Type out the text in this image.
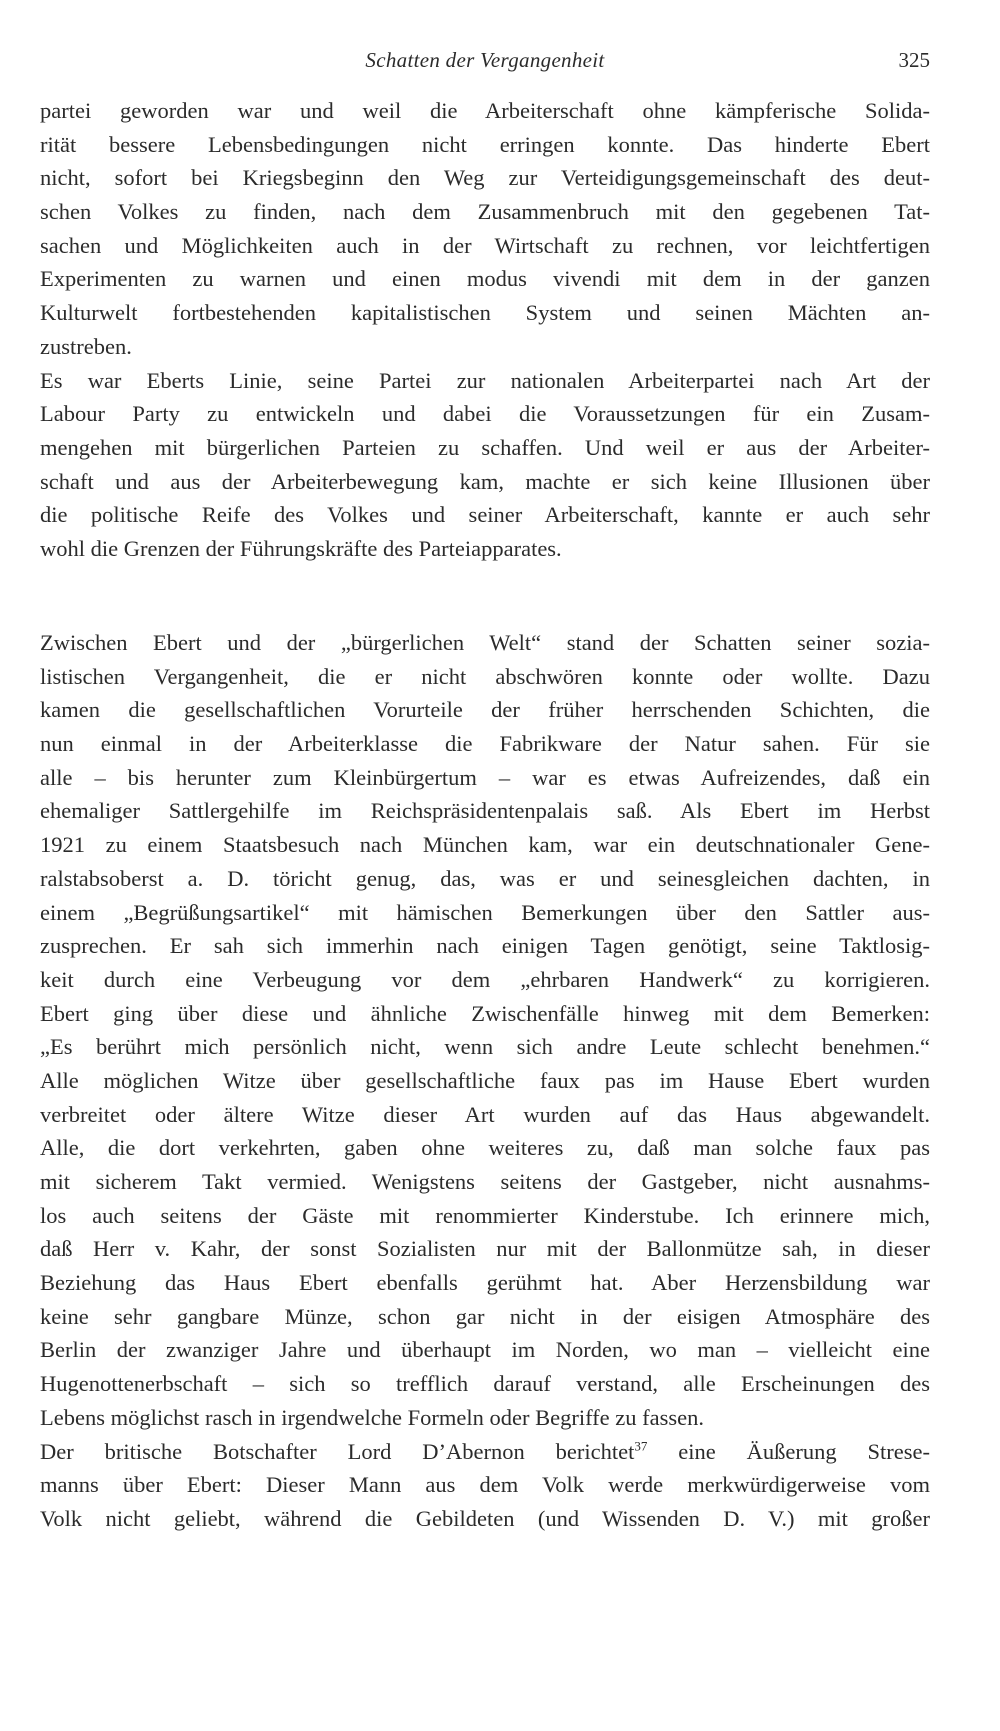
Schatten der Vergangenheit	325
partei geworden war und weil die Arbeiterschaft ohne kämpferische Solida-
rität bessere Lebensbedingungen nicht erringen konnte. Das hinderte Ebert
nicht, sofort bei Kriegsbeginn den Weg zur Verteidigungsgemeinschaft des deut-
schen Volkes zu finden, nach dem Zusammenbruch mit den gegebenen Tat-
sachen und Möglichkeiten auch in der Wirtschaft zu rechnen, vor leichtfertigen
Experimenten zu warnen und einen modus vivendi mit dem in der ganzen
Kulturwelt fortbestehenden kapitalistischen System und seinen Mächten an-
zustreben.
Es war Eberts Linie, seine Partei zur nationalen Arbeiterpartei nach Art der
Labour Party zu entwickeln und dabei die Voraussetzungen für ein Zusam-
mengehen mit bürgerlichen Parteien zu schaffen. Und weil er aus der Arbeiter-
schaft und aus der Arbeiterbewegung kam, machte er sich keine Illusionen über
die politische Reife des Volkes und seiner Arbeiterschaft, kannte er auch sehr
wohl die Grenzen der Führungskräfte des Parteiapparates.
Zwischen Ebert und der „bürgerlichen Welt“ stand der Schatten seiner sozia-
listischen Vergangenheit, die er nicht abschwören konnte oder wollte. Dazu
kamen die gesellschaftlichen Vorurteile der früher herrschenden Schichten, die
nun einmal in der Arbeiterklasse die Fabrikware der Natur sahen. Für sie
alle – bis herunter zum Kleinbürgertum – war es etwas Aufreizendes, daß ein
ehemaliger Sattlergehilfe im Reichspräsidentenpalais saß. Als Ebert im Herbst
1921 zu einem Staatsbesuch nach München kam, war ein deutschnationaler Gene-
ralstabsoberst a. D. töricht genug, das, was er und seinesgleichen dachten, in
einem „Begrüßungsartikel“ mit hämischen Bemerkungen über den Sattler aus-
zusprechen. Er sah sich immerhin nach einigen Tagen genötigt, seine Taktlosig-
keit durch eine Verbeugung vor dem „ehrbaren Handwerk“ zu korrigieren.
Ebert ging über diese und ähnliche Zwischenfälle hinweg mit dem Bemerken:
„Es berührt mich persönlich nicht, wenn sich andre Leute schlecht benehmen.“
Alle möglichen Witze über gesellschaftliche faux pas im Hause Ebert wurden
verbreitet oder ältere Witze dieser Art wurden auf das Haus abgewandelt.
Alle, die dort verkehrten, gaben ohne weiteres zu, daß man solche faux pas
mit sicherem Takt vermied. Wenigstens seitens der Gastgeber, nicht ausnahms-
los auch seitens der Gäste mit renommierter Kinderstube. Ich erinnere mich,
daß Herr v. Kahr, der sonst Sozialisten nur mit der Ballonmütze sah, in dieser
Beziehung das Haus Ebert ebenfalls gerühmt hat. Aber Herzensbildung war
keine sehr gangbare Münze, schon gar nicht in der eisigen Atmosphäre des
Berlin der zwanziger Jahre und überhaupt im Norden, wo man – vielleicht eine
Hugenottenerbschaft – sich so trefflich darauf verstand, alle Erscheinungen des
Lebens möglichst rasch in irgendwelche Formeln oder Begriffe zu fassen.
Der britische Botschafter Lord D’Abernon berichtet$^{37}$ eine Äußerung Strese-
manns über Ebert: Dieser Mann aus dem Volk werde merkwürdigerweise vom
Volk nicht geliebt, während die Gebildeten (und Wissenden D. V.) mit großer
